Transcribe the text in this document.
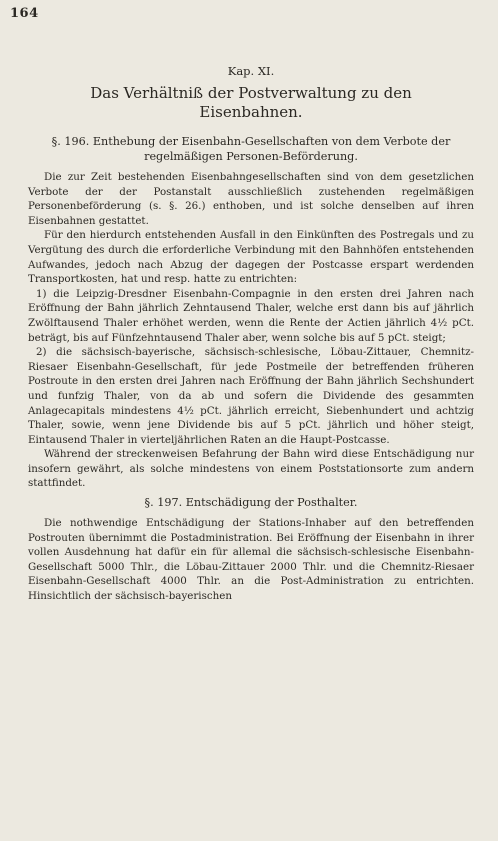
164
Kap. XI.
Das Verhältniß der Postverwaltung zu den Eisenbahnen.
§. 196. Enthebung der Eisenbahn-Gesellschaften von dem Verbote der regelmäßigen Personen-Beförderung.

Die zur Zeit bestehenden Eisenbahngesellschaften sind von dem gesetzlichen Verbote der der Postanstalt ausschließlich zustehenden regelmäßigen Personenbeförderung (s. §. 26.) enthoben, und ist solche denselben auf ihren Eisenbahnen gestattet.

Für den hierdurch entstehenden Ausfall in den Einkünften des Postregals und zu Vergütung des durch die erforderliche Verbindung mit den Bahnhöfen entstehenden Aufwandes, jedoch nach Abzug der dagegen der Postcasse erspart werdenden Transportkosten, hat und resp. hatte zu entrichten:

1) die Leipzig-Dresdner Eisenbahn-Compagnie in den ersten drei Jahren nach Eröffnung der Bahn jährlich Zehntausend Thaler, welche erst dann bis auf jährlich Zwölftausend Thaler erhöhet werden, wenn die Rente der Actien jährlich 4½ pCt. beträgt, bis auf Fünfzehntausend Thaler aber, wenn solche bis auf 5 pCt. steigt;

2) die sächsisch-bayerische, sächsisch-schlesische, Löbau-Zittauer, Chemnitz-Riesaer Eisenbahn-Gesellschaft, für jede Postmeile der betreffenden früheren Postroute in den ersten drei Jahren nach Eröffnung der Bahn jährlich Sechshundert und funfzig Thaler, von da ab und sofern die Dividende des gesammten Anlagecapitals mindestens 4½ pCt. jährlich erreicht, Siebenhundert und achtzig Thaler, sowie, wenn jene Dividende bis auf 5 pCt. jährlich und höher steigt, Eintausend Thaler in vierteljährlichen Raten an die Haupt-Postcasse.

Während der streckenweisen Befahrung der Bahn wird diese Entschädigung nur insofern gewährt, als solche mindestens von einem Poststationsorte zum andern stattfindet.

§. 197. Entschädigung der Posthalter.

Die nothwendige Entschädigung der Stations-Inhaber auf den betreffenden Postrouten übernimmt die Postadministration. Bei Eröffnung der Eisenbahn in ihrer vollen Ausdehnung hat dafür ein für allemal die sächsisch-schlesische Eisenbahn-Gesellschaft 5000 Thlr., die Löbau-Zittauer 2000 Thlr. und die Chemnitz-Riesaer Eisenbahn-Gesellschaft 4000 Thlr. an die Post-Administration zu entrichten. Hinsichtlich der sächsisch-bayerischen
